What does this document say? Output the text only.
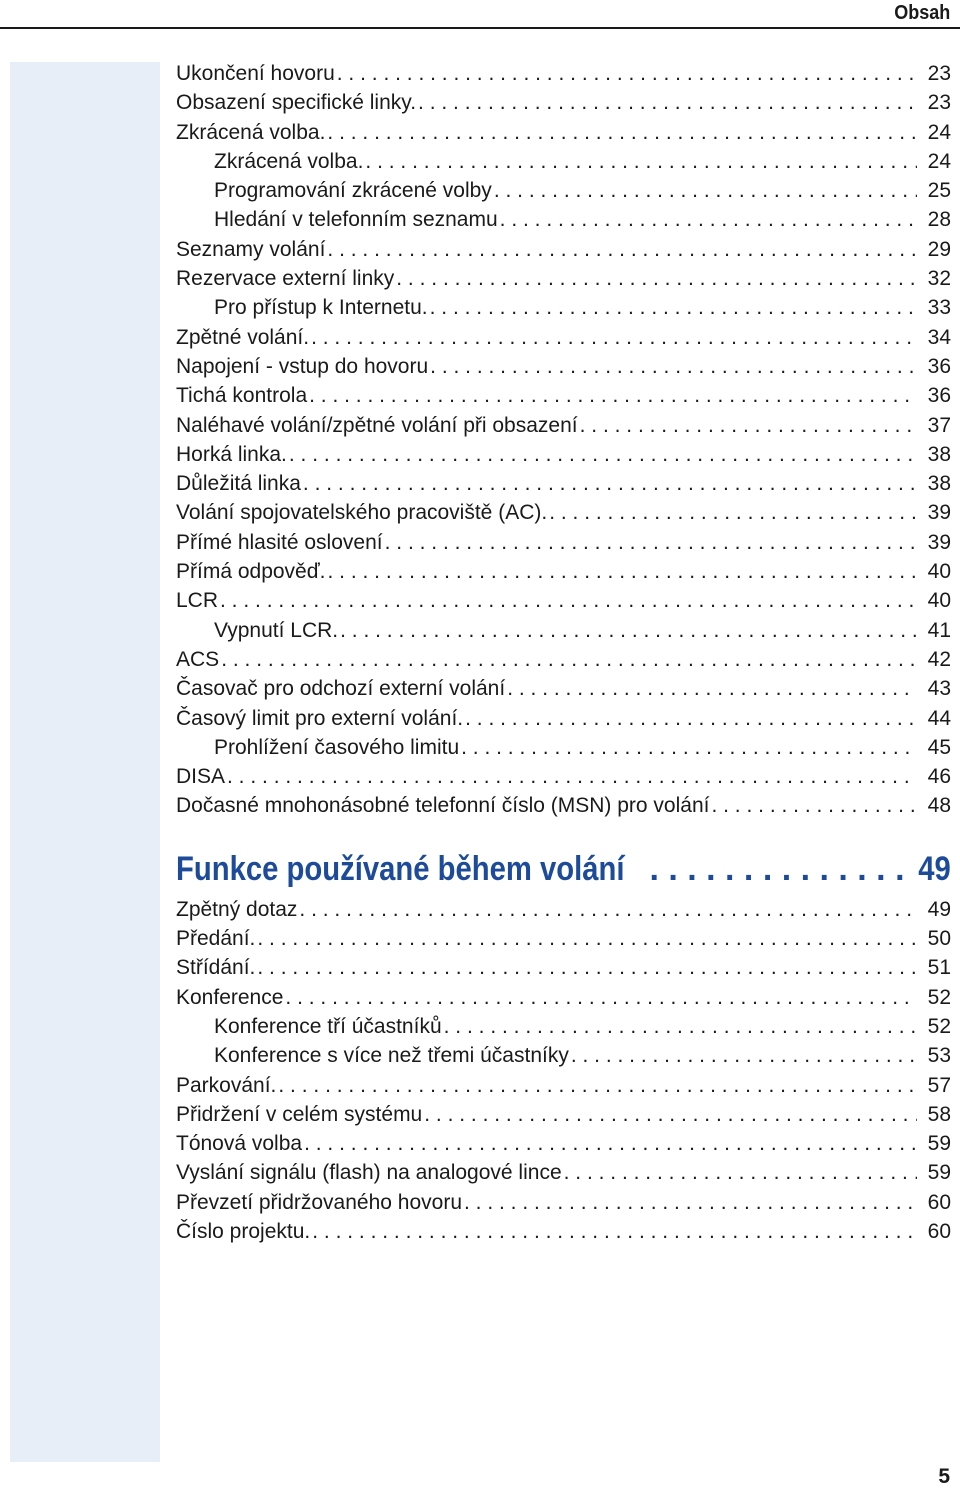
Obsah
Ukončení hovoru . . .	23
Obsazení specifické linky. . . .	23
Zkrácená volba. . . .	24
Zkrácená volba. . . .	24
Programování zkrácené volby . . .	25
Hledání v telefonním seznamu . . .	28
Seznamy volání . . .	29
Rezervace externí linky . . .	32
Pro přístup k Internetu. . . .	33
Zpětné volání. . . .	34
Napojení - vstup do hovoru . . .	36
Tichá kontrola . . .	36
Naléhavé volání/zpětné volání při obsazení . . .	37
Horká linka. . . .	38
Důležitá linka . . .	38
Volání spojovatelského pracoviště (AC). . . .	39
Přímé hlasité oslovení . . .	39
Přímá odpověď. . . .	40
LCR . . .	40
Vypnutí LCR. . . .	41
ACS . . .	42
Časovač pro odchozí externí volání . . .	43
Časový limit pro externí volání. . . .	44
Prohlížení časového limitu . . .	45
DISA . . .	46
Dočasné mnohonásobné telefonní číslo (MSN) pro volání . . .	48
Funkce používané během volání . . .	49
Zpětný dotaz . . .	49
Předání. . . .	50
Střídání. . . .	51
Konference . . .	52
Konference tří účastníků . . .	52
Konference s více než třemi účastníky . . .	53
Parkování. . . .	57
Přidržení v celém systému . . .	58
Tónová volba . . .	59
Vyslání signálu (flash) na analogové lince . . .	59
Převzetí přidržovaného hovoru . . .	60
Číslo projektu. . . .	60
5
